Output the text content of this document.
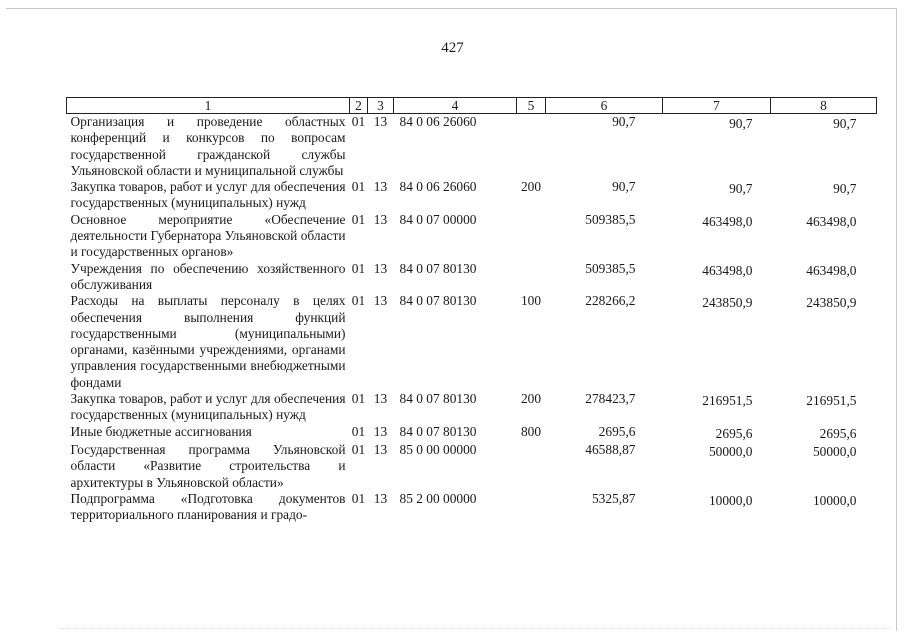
427
1	2	3	4	5	6	7	8
Организация и проведение областных конференций и конкурсов по вопросам государственной гражданской службы Ульяновской области и муниципальной службы	01	13	84 0 06 26060		90,7	90,7	90,7
Закупка товаров, работ и услуг для обеспечения государственных (муниципальных) нужд	01	13	84 0 06 26060	200	90,7	90,7	90,7
Основное мероприятие «Обеспечение деятельности Губернатора Ульяновской области и государственных органов»	01	13	84 0 07 00000		509385,5	463498,0	463498,0
Учреждения по обеспечению хозяйственного обслуживания	01	13	84 0 07 80130		509385,5	463498,0	463498,0
Расходы на выплаты персоналу в целях обеспечения выполнения функций государственными (муниципальными) органами, казёнными учреждениями, органами управления государственными внебюджетными фондами	01	13	84 0 07 80130	100	228266,2	243850,9	243850,9
Закупка товаров, работ и услуг для обеспечения государственных (муниципальных) нужд	01	13	84 0 07 80130	200	278423,7	216951,5	216951,5
Иные бюджетные ассигнования	01	13	84 0 07 80130	800	2695,6	2695,6	2695,6
Государственная программа Ульяновской области «Развитие строительства и архитектуры в Ульяновской области»	01	13	85 0 00 00000		46588,87	50000,0	50000,0
Подпрограмма «Подготовка документов территориального планирования и градо-	01	13	85 2 00 00000		5325,87	10000,0	10000,0
